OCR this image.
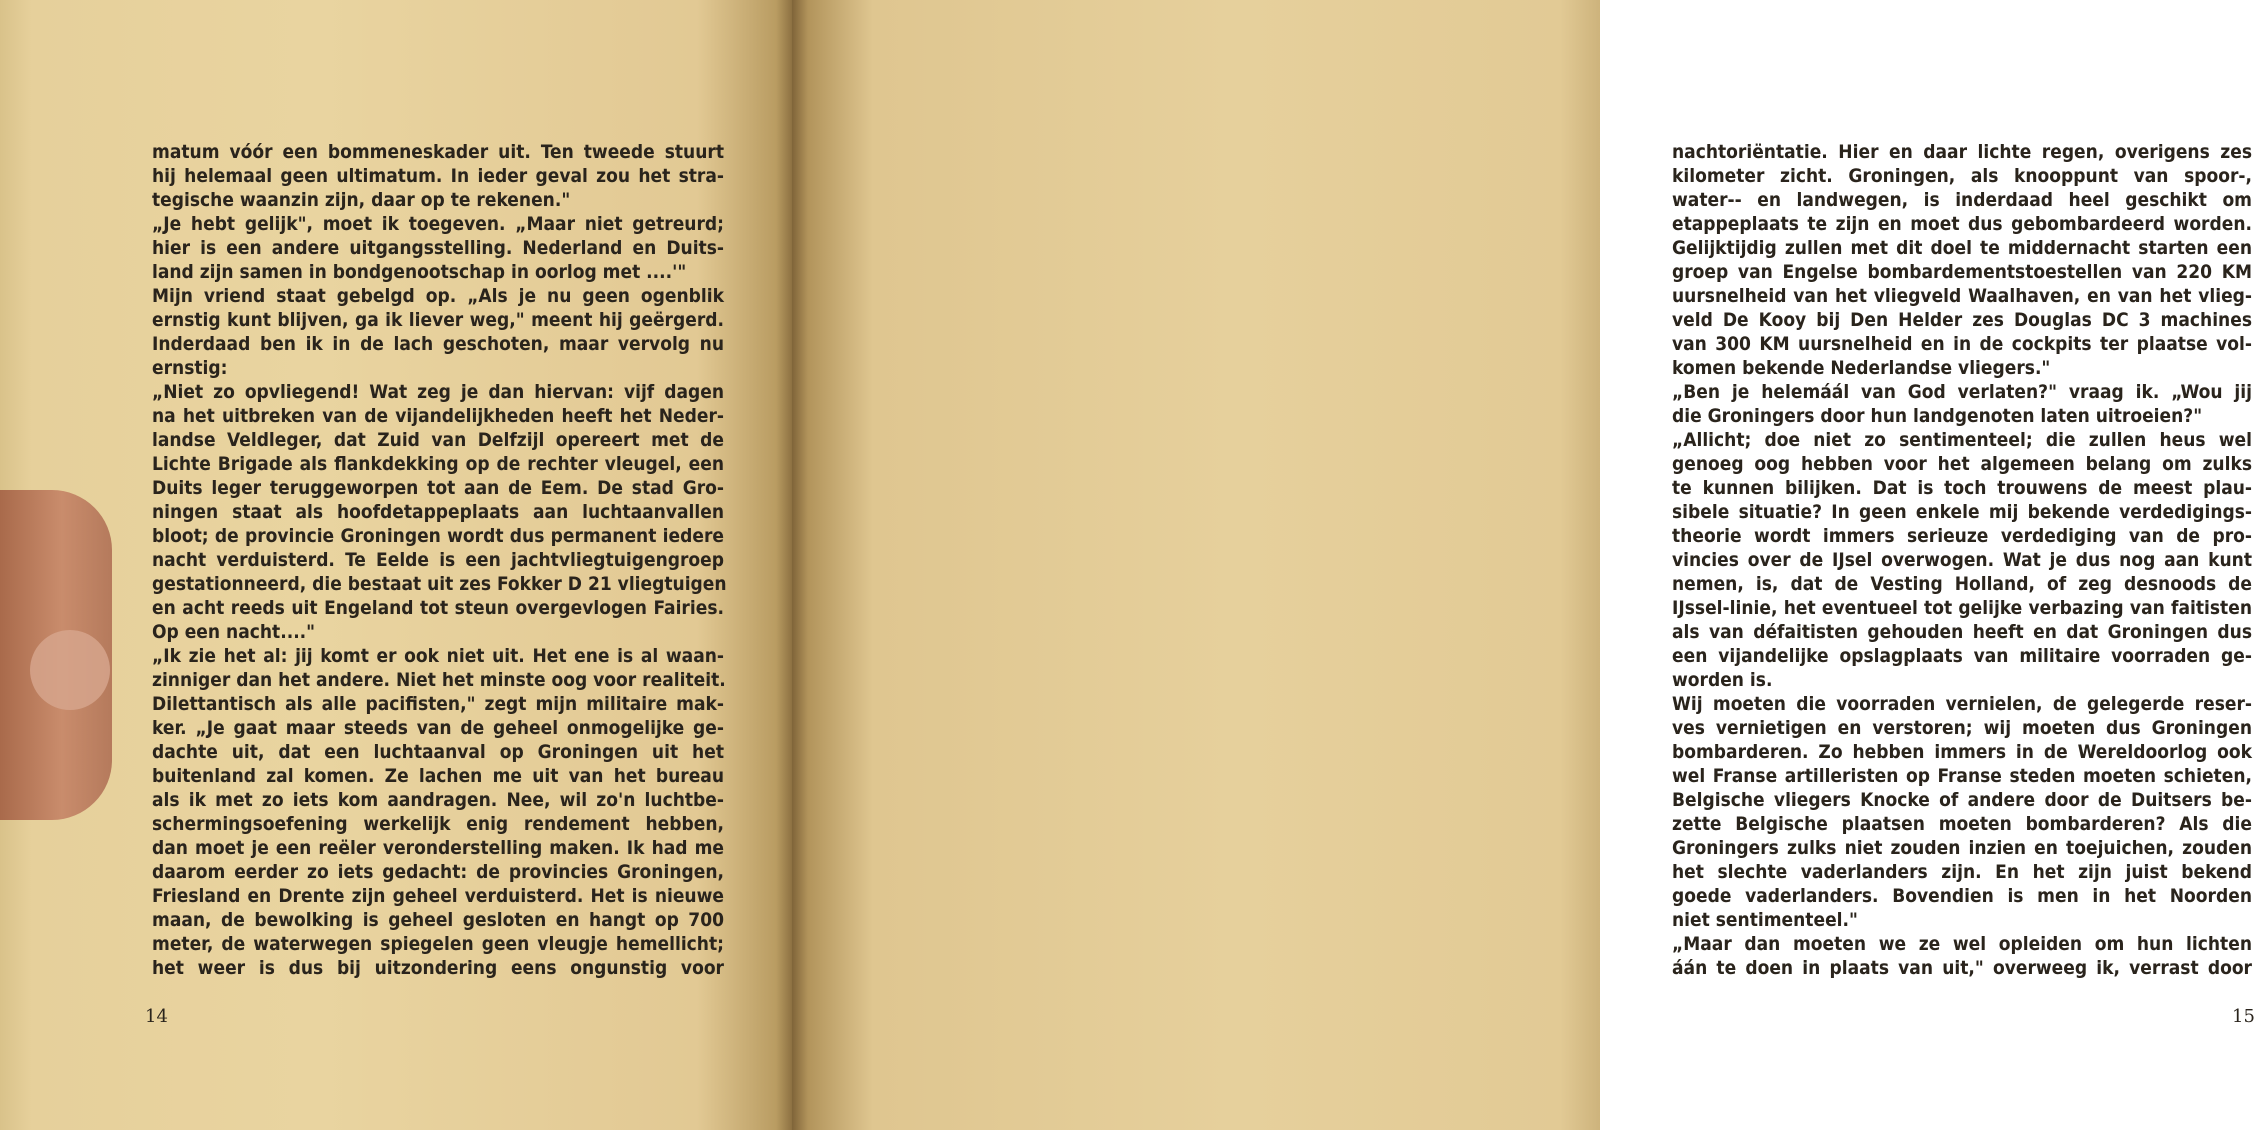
matum vóór een bommeneskader uit. Ten tweede stuurt
hij helemaal geen ultimatum. In ieder geval zou het stra-
tegische waanzin zijn, daar op te rekenen."
„Je hebt gelijk", moet ik toegeven. „Maar niet getreurd;
hier is een andere uitgangsstelling. Nederland en Duits-
land zijn samen in bondgenootschap in oorlog met ....'"
Mijn vriend staat gebelgd op. „Als je nu geen ogenblik
ernstig kunt blijven, ga ik liever weg," meent hij geërgerd.
Inderdaad ben ik in de lach geschoten, maar vervolg nu
ernstig:
„Niet zo opvliegend! Wat zeg je dan hiervan: vijf dagen
na het uitbreken van de vijandelijkheden heeft het Neder-
landse Veldleger, dat Zuid van Delfzijl opereert met de
Lichte Brigade als flankdekking op de rechter vleugel, een
Duits leger teruggeworpen tot aan de Eem. De stad Gro-
ningen staat als hoofdetappeplaats aan luchtaanvallen
bloot; de provincie Groningen wordt dus permanent iedere
nacht verduisterd. Te Eelde is een jachtvliegtuigengroep
gestationneerd, die bestaat uit zes Fokker D 21 vliegtuigen
en acht reeds uit Engeland tot steun overgevlogen Fairies.
Op een nacht...."
„Ik zie het al: jij komt er ook niet uit. Het ene is al waan-
zinniger dan het andere. Niet het minste oog voor realiteit.
Dilettantisch als alle pacifisten," zegt mijn militaire mak-
ker. „Je gaat maar steeds van de geheel onmogelijke ge-
dachte uit, dat een luchtaanval op Groningen uit het
buitenland zal komen. Ze lachen me uit van het bureau
als ik met zo iets kom aandragen. Nee, wil zo'n luchtbe-
schermingsoefening werkelijk enig rendement hebben,
dan moet je een reëler veronderstelling maken. Ik had me
daarom eerder zo iets gedacht: de provincies Groningen,
Friesland en Drente zijn geheel verduisterd. Het is nieuwe
maan, de bewolking is geheel gesloten en hangt op 700
meter, de waterwegen spiegelen geen vleugje hemellicht;
het weer is dus bij uitzondering eens ongunstig voor
14
nachtoriëntatie. Hier en daar lichte regen, overigens zes
kilometer zicht. Groningen, als knooppunt van spoor-,
water-- en landwegen, is inderdaad heel geschikt om
etappeplaats te zijn en moet dus gebombardeerd worden.
Gelijktijdig zullen met dit doel te middernacht starten een
groep van Engelse bombardementstoestellen van 220 KM
uursnelheid van het vliegveld Waalhaven, en van het vlieg-
veld De Kooy bij Den Helder zes Douglas DC 3 machines
van 300 KM uursnelheid en in de cockpits ter plaatse vol-
komen bekende Nederlandse vliegers."
„Ben je helemáál van God verlaten?" vraag ik. „Wou jij
die Groningers door hun landgenoten laten uitroeien?"
„Allicht; doe niet zo sentimenteel; die zullen heus wel
genoeg oog hebben voor het algemeen belang om zulks
te kunnen bilijken. Dat is toch trouwens de meest plau-
sibele situatie? In geen enkele mij bekende verdedigings-
theorie wordt immers serieuze verdediging van de pro-
vincies over de IJsel overwogen. Wat je dus nog aan kunt
nemen, is, dat de Vesting Holland, of zeg desnoods de
IJssel-linie, het eventueel tot gelijke verbazing van faitisten
als van défaitisten gehouden heeft en dat Groningen dus
een vijandelijke opslagplaats van militaire voorraden ge-
worden is.
Wij moeten die voorraden vernielen, de gelegerde reser-
ves vernietigen en verstoren; wij moeten dus Groningen
bombarderen. Zo hebben immers in de Wereldoorlog ook
wel Franse artilleristen op Franse steden moeten schieten,
Belgische vliegers Knocke of andere door de Duitsers be-
zette Belgische plaatsen moeten bombarderen? Als die
Groningers zulks niet zouden inzien en toejuichen, zouden
het slechte vaderlanders zijn. En het zijn juist bekend
goede vaderlanders. Bovendien is men in het Noorden
niet sentimenteel."
„Maar dan moeten we ze wel opleiden om hun lichten
áán te doen in plaats van uit," overweeg ik, verrast door
15
